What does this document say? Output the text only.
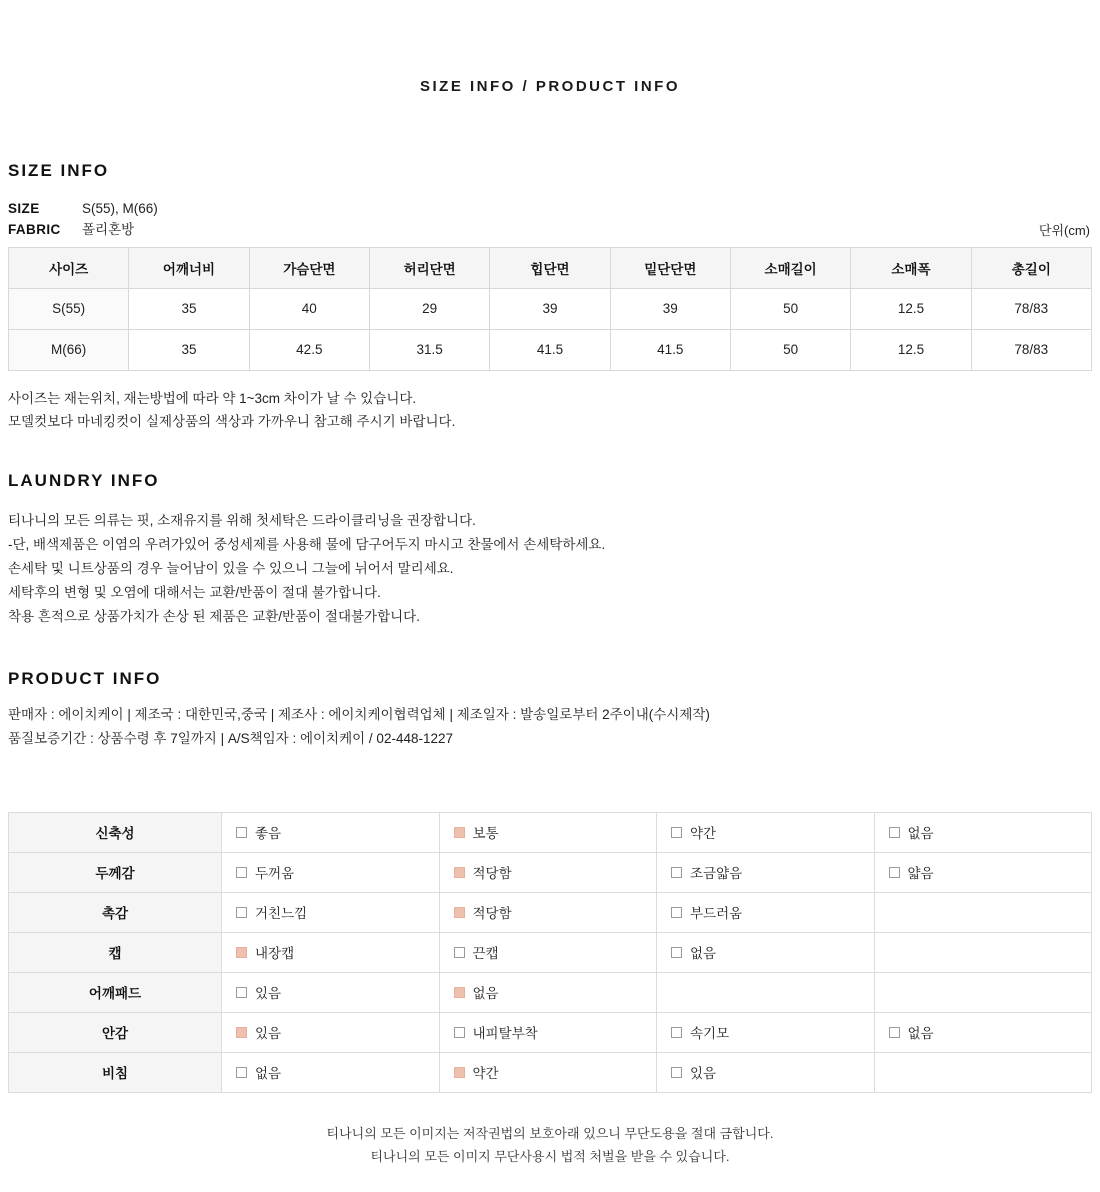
SIZE INFO / PRODUCT INFO
SIZE INFO
SIZE	S(55), M(66)
FABRIC	폴리혼방	단위(cm)
사이즈	어깨너비	가슴단면	허리단면	힙단면	밑단단면	소매길이	소매폭	총길이
S(55)	35	40	29	39	39	50	12.5	78/83
M(66)	35	42.5	31.5	41.5	41.5	50	12.5	78/83
사이즈는 재는위치, 재는방법에 따라 약 1~3cm 차이가 날 수 있습니다.
모델컷보다 마네킹컷이 실제상품의 색상과 가까우니 참고해 주시기 바랍니다.
LAUNDRY INFO
티나니의 모든 의류는 핏, 소재유지를 위해 첫세탁은 드라이클리닝을 권장합니다.
-단, 배색제품은 이염의 우려가있어 중성세제를 사용해 물에 담구어두지 마시고 찬물에서 손세탁하세요.
손세탁 및 니트상품의 경우 늘어남이 있을 수 있으니 그늘에 뉘어서 말리세요.
세탁후의 변형 및 오염에 대해서는 교환/반품이 절대 불가합니다.
착용 흔적으로 상품가치가 손상 된 제품은 교환/반품이 절대불가합니다.
PRODUCT INFO
판매자 : 에이치케이 | 제조국 : 대한민국,중국 | 제조사 : 에이치케이협력업체 | 제조일자 : 발송일로부터 2주이내(수시제작)
품질보증기간 : 상품수령 후 7일까지 | A/S책임자 : 에이치케이 / 02-448-1227
신축성	좋음	보통	약간	없음

두께감	두꺼움	적당함	조금얇음	얇음

촉감	거친느낌	적당함	부드러움	

캡	내장캡	끈캡	없음	

어깨패드	있음	없음		

안감	있음	내피탈부착	속기모	없음

비침	없음	약간	있음	

티나니의 모든 이미지는 저작권법의 보호아래 있으니 무단도용을 절대 금합니다.
티나니의 모든 이미지 무단사용시 법적 처벌을 받을 수 있습니다.
